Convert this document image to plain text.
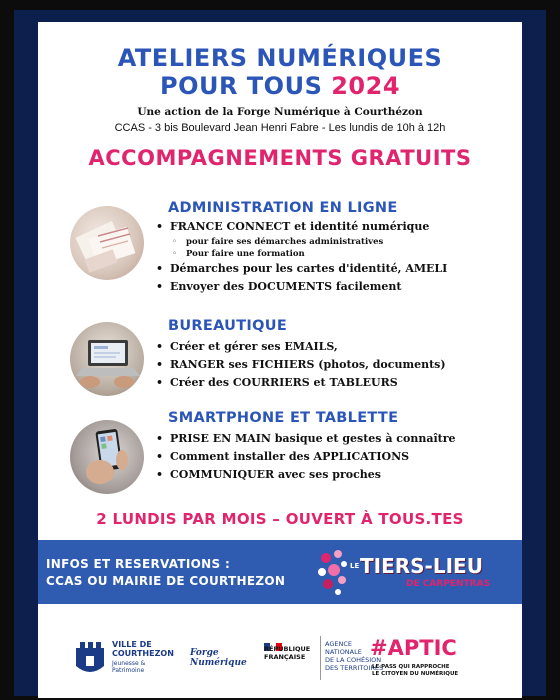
ATELIERS NUMÉRIQUES
POUR TOUS 2024
Une action de la Forge Numérique à Courthézon
CCAS - 3 bis Boulevard Jean Henri Fabre - Les lundis de 10h à 12h
ACCOMPAGNEMENTS GRATUITS
ADMINISTRATION EN LIGNE
• FRANCE CONNECT et identité numérique
◦ pour faire ses démarches administratives
◦ Pour faire une formation
• Démarches pour les cartes d'identité, AMELI
• Envoyer des DOCUMENTS facilement
BUREAUTIQUE
• Créer et gérer ses EMAILS,
• RANGER ses FICHIERS (photos, documents)
• Créer des COURRIERS et TABLEURS
SMARTPHONE ET TABLETTE
• PRISE EN MAIN basique et gestes à connaître
• Comment installer des APPLICATIONS
• COMMUNIQUER avec ses proches
2 LUNDIS PAR MOIS – OUVERT À TOUS.TES
INFOS ET RESERVATIONS :
CCAS OU MAIRIE DE COURTHEZON
LE TIERS-LIEU
DE CARPENTRAS
VILLE DE
COURTHEZON
Jeunesse & Patrimoine
Forge
Numérique
RÉPUBLIQUE
FRANÇAISE
AGENCE
NATIONALE
DE LA COHÉSION
DES TERRITOIRES
#APTIC
LE PASS QUI RAPPROCHE
LE CITOYEN DU NUMÉRIQUE
